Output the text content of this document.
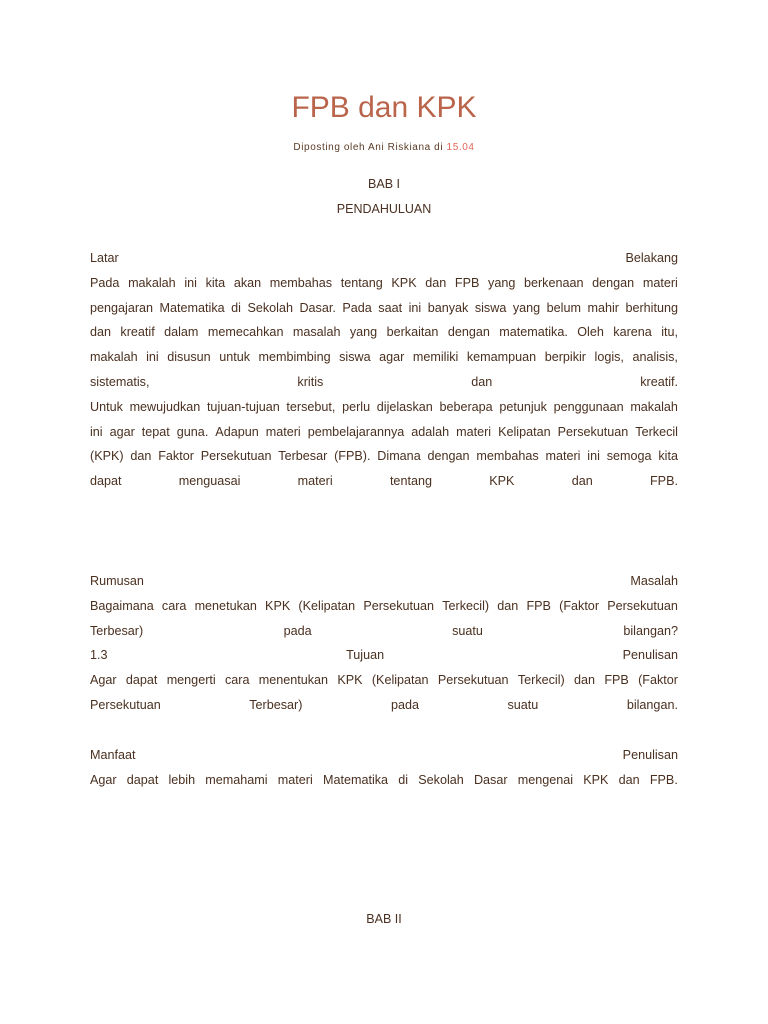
FPB dan KPK
Diposting oleh Ani Riskiana di 15.04
BAB I
PENDAHULUAN
Latar	Belakang
Pada makalah ini kita akan membahas tentang KPK dan FPB yang berkenaan dengan materi
pengajaran Matematika di Sekolah Dasar. Pada saat ini banyak siswa yang belum mahir berhitung
dan kreatif dalam memecahkan masalah yang berkaitan dengan matematika. Oleh karena itu,
makalah ini disusun untuk membimbing siswa agar memiliki kemampuan berpikir logis, analisis,
sistematis,	kritis	dan	kreatif.
Untuk mewujudkan tujuan-tujuan tersebut, perlu dijelaskan beberapa petunjuk penggunaan makalah
ini agar tepat guna. Adapun materi pembelajarannya adalah materi Kelipatan Persekutuan Terkecil
(KPK) dan Faktor Persekutuan Terbesar (FPB). Dimana dengan membahas materi ini semoga kita
dapat	menguasai	materi	tentang	KPK	dan	FPB.
Rumusan	Masalah
Bagaimana cara menetukan KPK (Kelipatan Persekutuan Terkecil) dan FPB (Faktor Persekutuan
Terbesar)	pada	suatu	bilangan?
1.3	Tujuan	Penulisan
Agar dapat mengerti cara menentukan KPK (Kelipatan Persekutuan Terkecil) dan FPB (Faktor
Persekutuan	Terbesar)	pada	suatu	bilangan.
Manfaat	Penulisan
Agar dapat lebih memahami materi Matematika di Sekolah Dasar mengenai KPK dan FPB.
BAB II
